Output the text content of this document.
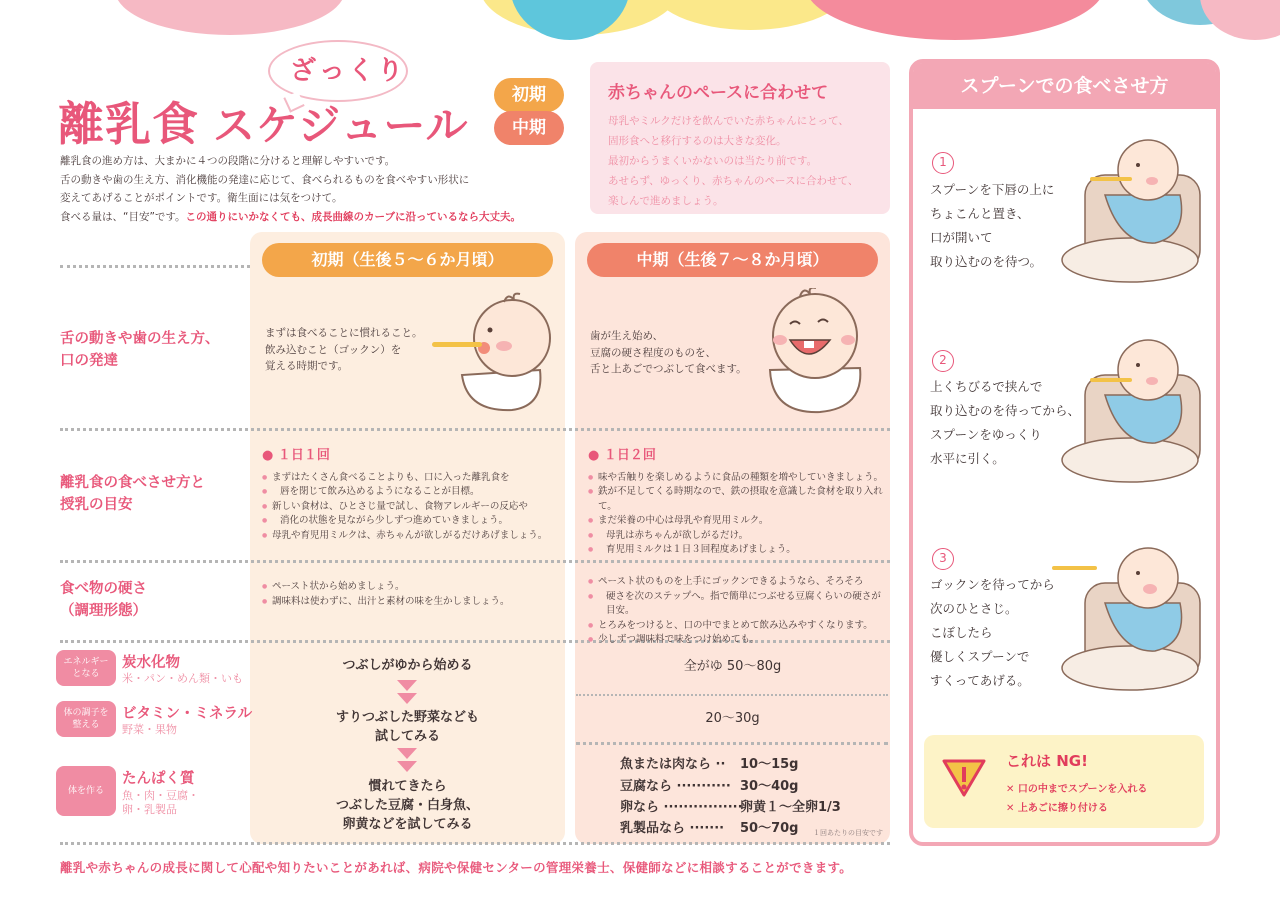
ざっくり
離乳食 スケジュール
初期
中期
離乳食の進め方は、大まかに４つの段階に分けると理解しやすいです。
舌の動きや歯の生え方、消化機能の発達に応じて、食べられるものを食べやすい形状に
変えてあげることがポイントです。衛生面には気をつけて。
食べる量は、“目安”です。この通りにいかなくても、成長曲線のカーブに沿っているなら大丈夫。
赤ちゃんのペースに合わせて
母乳やミルクだけを飲んでいた赤ちゃんにとって、
固形食へと移行するのは大きな変化。
最初からうまくいかないのは当たり前です。
あせらず、ゆっくり、赤ちゃんのペースに合わせて、
楽しんで進めましょう。
初期（生後５〜６か月頃）	中期（生後７〜８か月頃）
舌の動きや歯の生え方、
口の発達
離乳食の食べさせ方と
授乳の目安
食べ物の硬さ
（調理形態）
まずは食べることに慣れること。
飲み込むこと（ゴックン）を
覚える時期です。
歯が生え始め、
豆腐の硬さ程度のものを、
舌と上あごでつぶして食べます。
● １日１回
● まずはたくさん食べることよりも、口に入った離乳食を
● 唇を閉じて飲み込めるようになることが目標。
● 新しい食材は、ひとさじ量で試し、食物アレルギーの反応や
● 消化の状態を見ながら少しずつ進めていきましょう。
● 母乳や育児用ミルクは、赤ちゃんが欲しがるだけあげましょう。
● １日２回
● 味や舌触りを楽しめるように食品の種類を増やしていきましょう。
● 鉄が不足してくる時期なので、鉄の摂取を意識した食材を取り入れて。
● まだ栄養の中心は母乳や育児用ミルク。
● 母乳は赤ちゃんが欲しがるだけ。
● 育児用ミルクは１日３回程度あげましょう。
● ペースト状から始めましょう。
● 調味料は使わずに、出汁と素材の味を生かしましょう。
● ペースト状のものを上手にゴックンできるようなら、そろそろ
● 硬さを次のステップへ。指で簡単につぶせる豆腐くらいの硬さが目安。
● とろみをつけると、口の中でまとめて飲み込みやすくなります。
● 少しずつ調味料で味をつけ始めても。
エネルギー
となる
炭水化物
米・パン・めん類・いも
体の調子を
整える
ビタミン・ミネラル
野菜・果物
体を作る
たんぱく質
魚・肉・豆腐・
卵・乳製品
つぶしがゆから始める
すりつぶした野菜なども
試してみる
慣れてきたら
つぶした豆腐・白身魚、
卵黄などを試してみる
全がゆ 50〜80g
20〜30g
魚または肉なら ·· 10〜15g
豆腐なら ··········· 30〜40g
卵なら ················
卵黄１〜全卵1/3
乳製品なら ······· 50〜70g １回あたりの目安です
スプーンでの食べさせ方
1
スプーンを下唇の上に
ちょこんと置き、
口が開いて
取り込むのを待つ。
2
上くちびるで挟んで
取り込むのを待ってから、
スプーンをゆっくり
水平に引く。
3
ゴックンを待ってから
次のひとさじ。
こぼしたら
優しくスプーンで
すくってあげる。
これは NG!
✕ 口の中までスプーンを入れる
✕ 上あごに擦り付ける
離乳や赤ちゃんの成長に関して心配や知りたいことがあれば、病院や保健センターの管理栄養士、保健師などに相談することができます。
